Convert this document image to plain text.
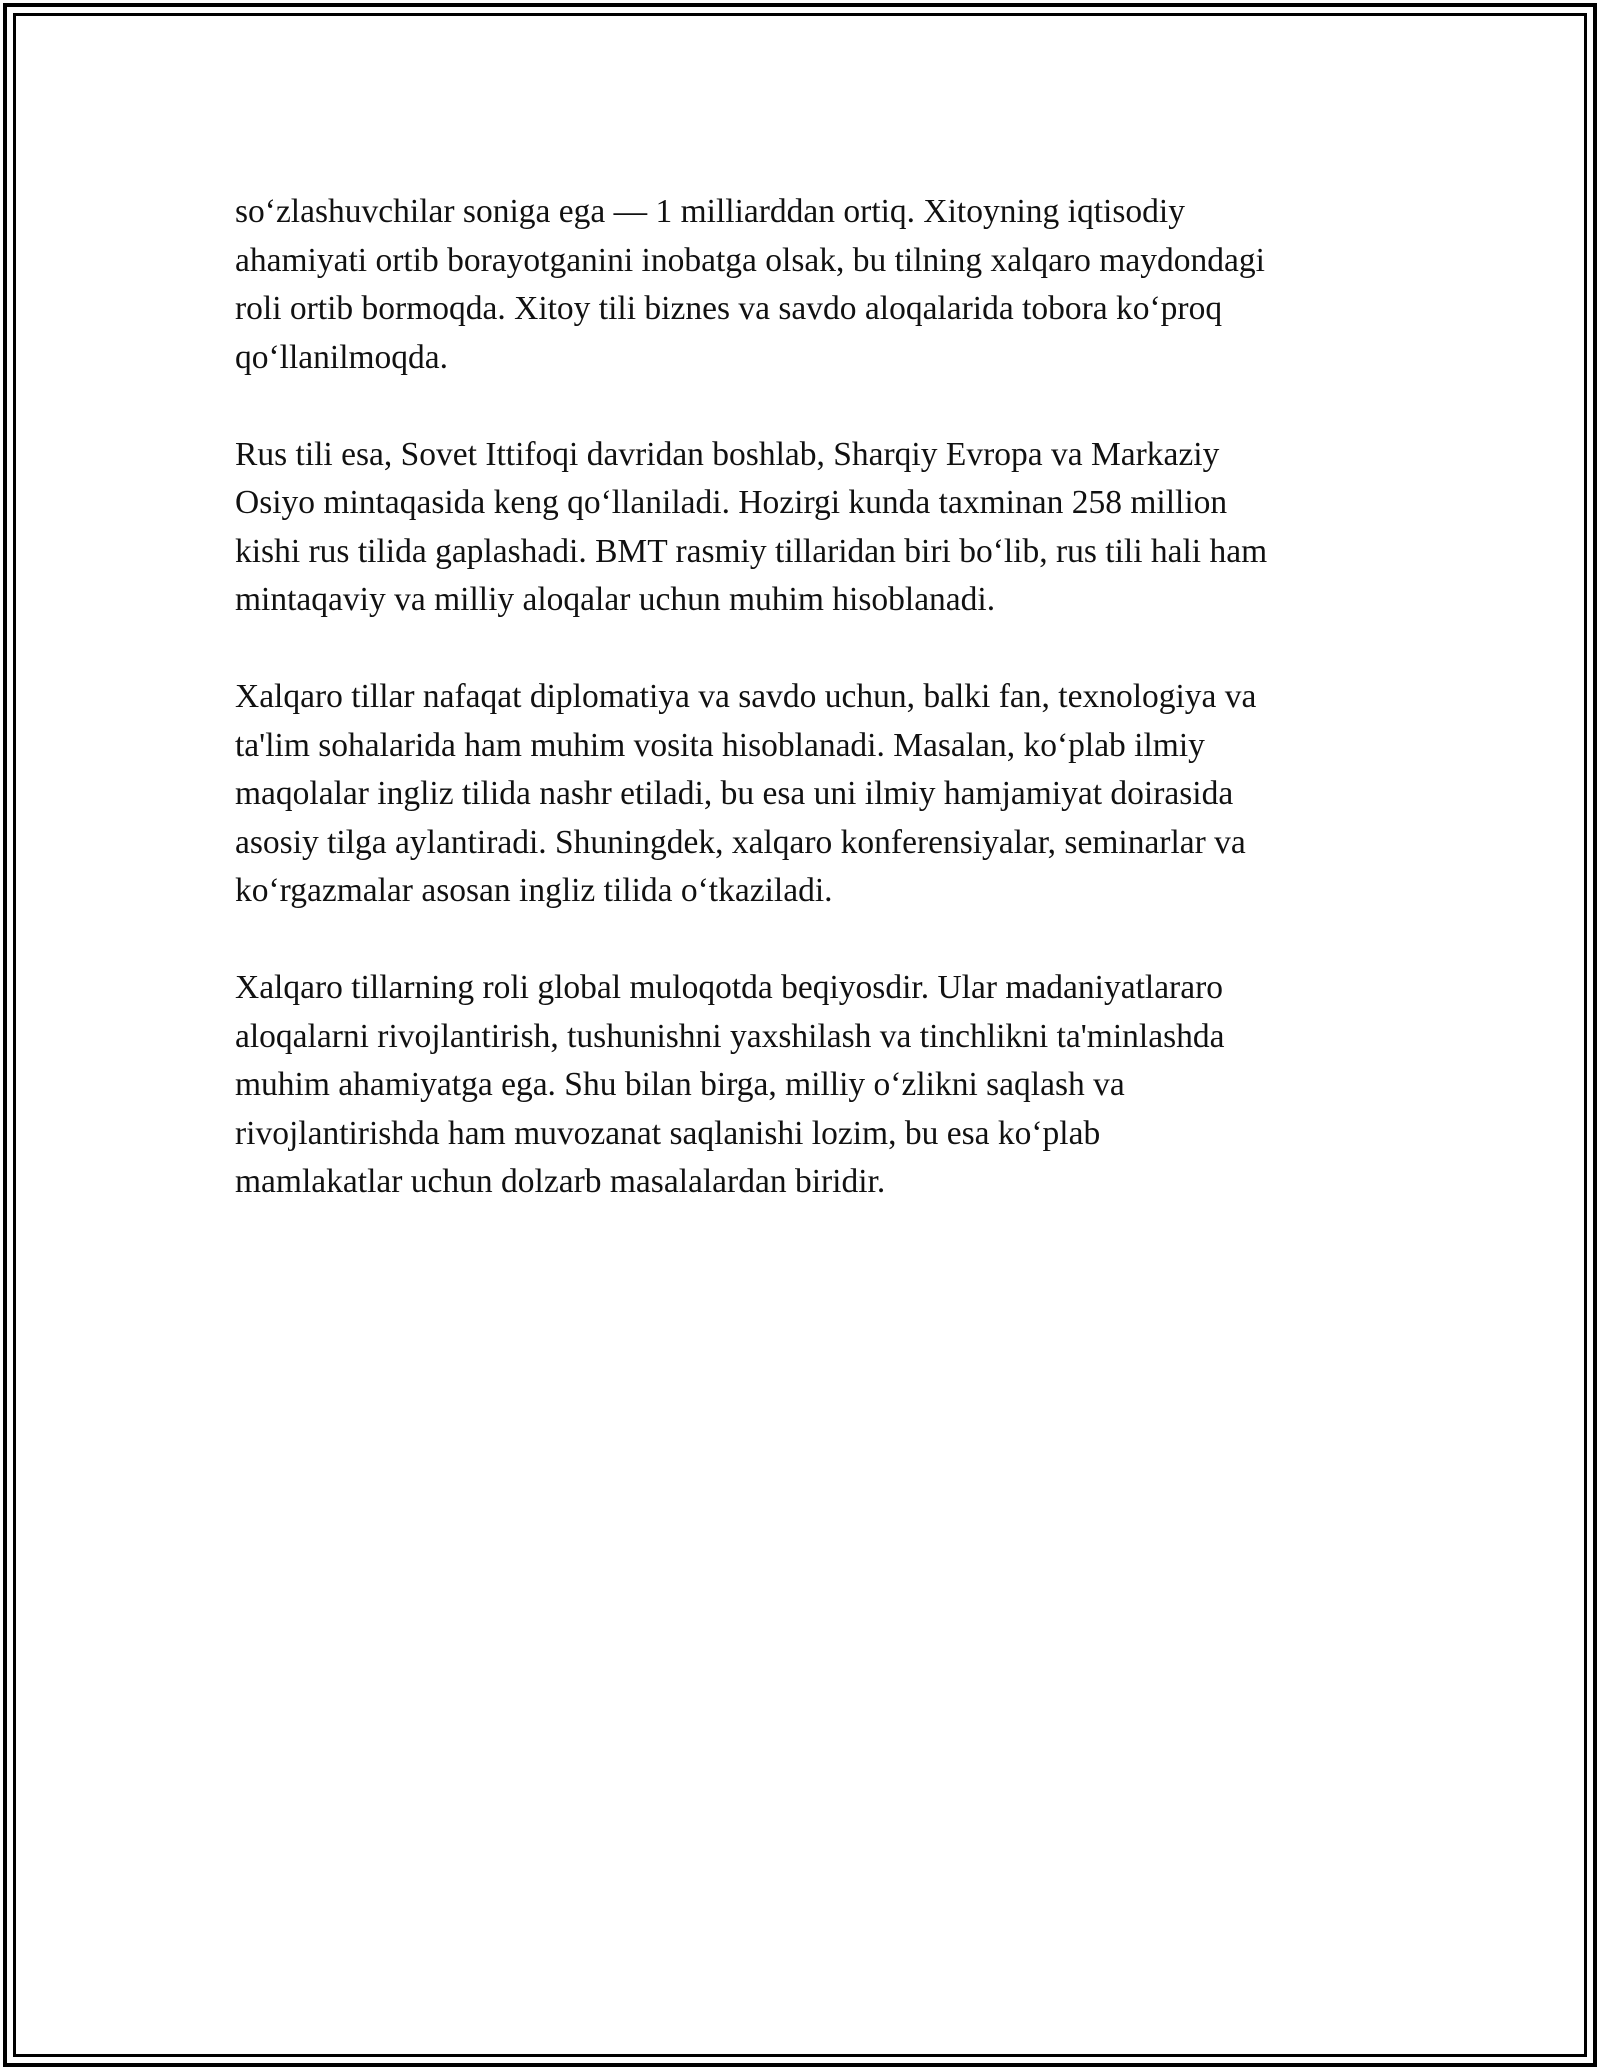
so‘zlashuvchilar soniga ega — 1 milliarddan ortiq. Xitoyning iqtisodiy
ahamiyati ortib borayotganini inobatga olsak, bu tilning xalqaro maydondagi
roli ortib bormoqda. Xitoy tili biznes va savdo aloqalarida tobora ko‘proq
qo‘llanilmoqda.

Rus tili esa, Sovet Ittifoqi davridan boshlab, Sharqiy Evropa va Markaziy
Osiyo mintaqasida keng qo‘llaniladi. Hozirgi kunda taxminan 258 million
kishi rus tilida gaplashadi. BMT rasmiy tillaridan biri bo‘lib, rus tili hali ham
mintaqaviy va milliy aloqalar uchun muhim hisoblanadi.

Xalqaro tillar nafaqat diplomatiya va savdo uchun, balki fan, texnologiya va
ta'lim sohalarida ham muhim vosita hisoblanadi. Masalan, ko‘plab ilmiy
maqolalar ingliz tilida nashr etiladi, bu esa uni ilmiy hamjamiyat doirasida
asosiy tilga aylantiradi. Shuningdek, xalqaro konferensiyalar, seminarlar va
ko‘rgazmalar asosan ingliz tilida o‘tkaziladi.

Xalqaro tillarning roli global muloqotda beqiyosdir. Ular madaniyatlararo
aloqalarni rivojlantirish, tushunishni yaxshilash va tinchlikni ta'minlashda
muhim ahamiyatga ega. Shu bilan birga, milliy o‘zlikni saqlash va
rivojlantirishda ham muvozanat saqlanishi lozim, bu esa ko‘plab
mamlakatlar uchun dolzarb masalalardan biridir.
